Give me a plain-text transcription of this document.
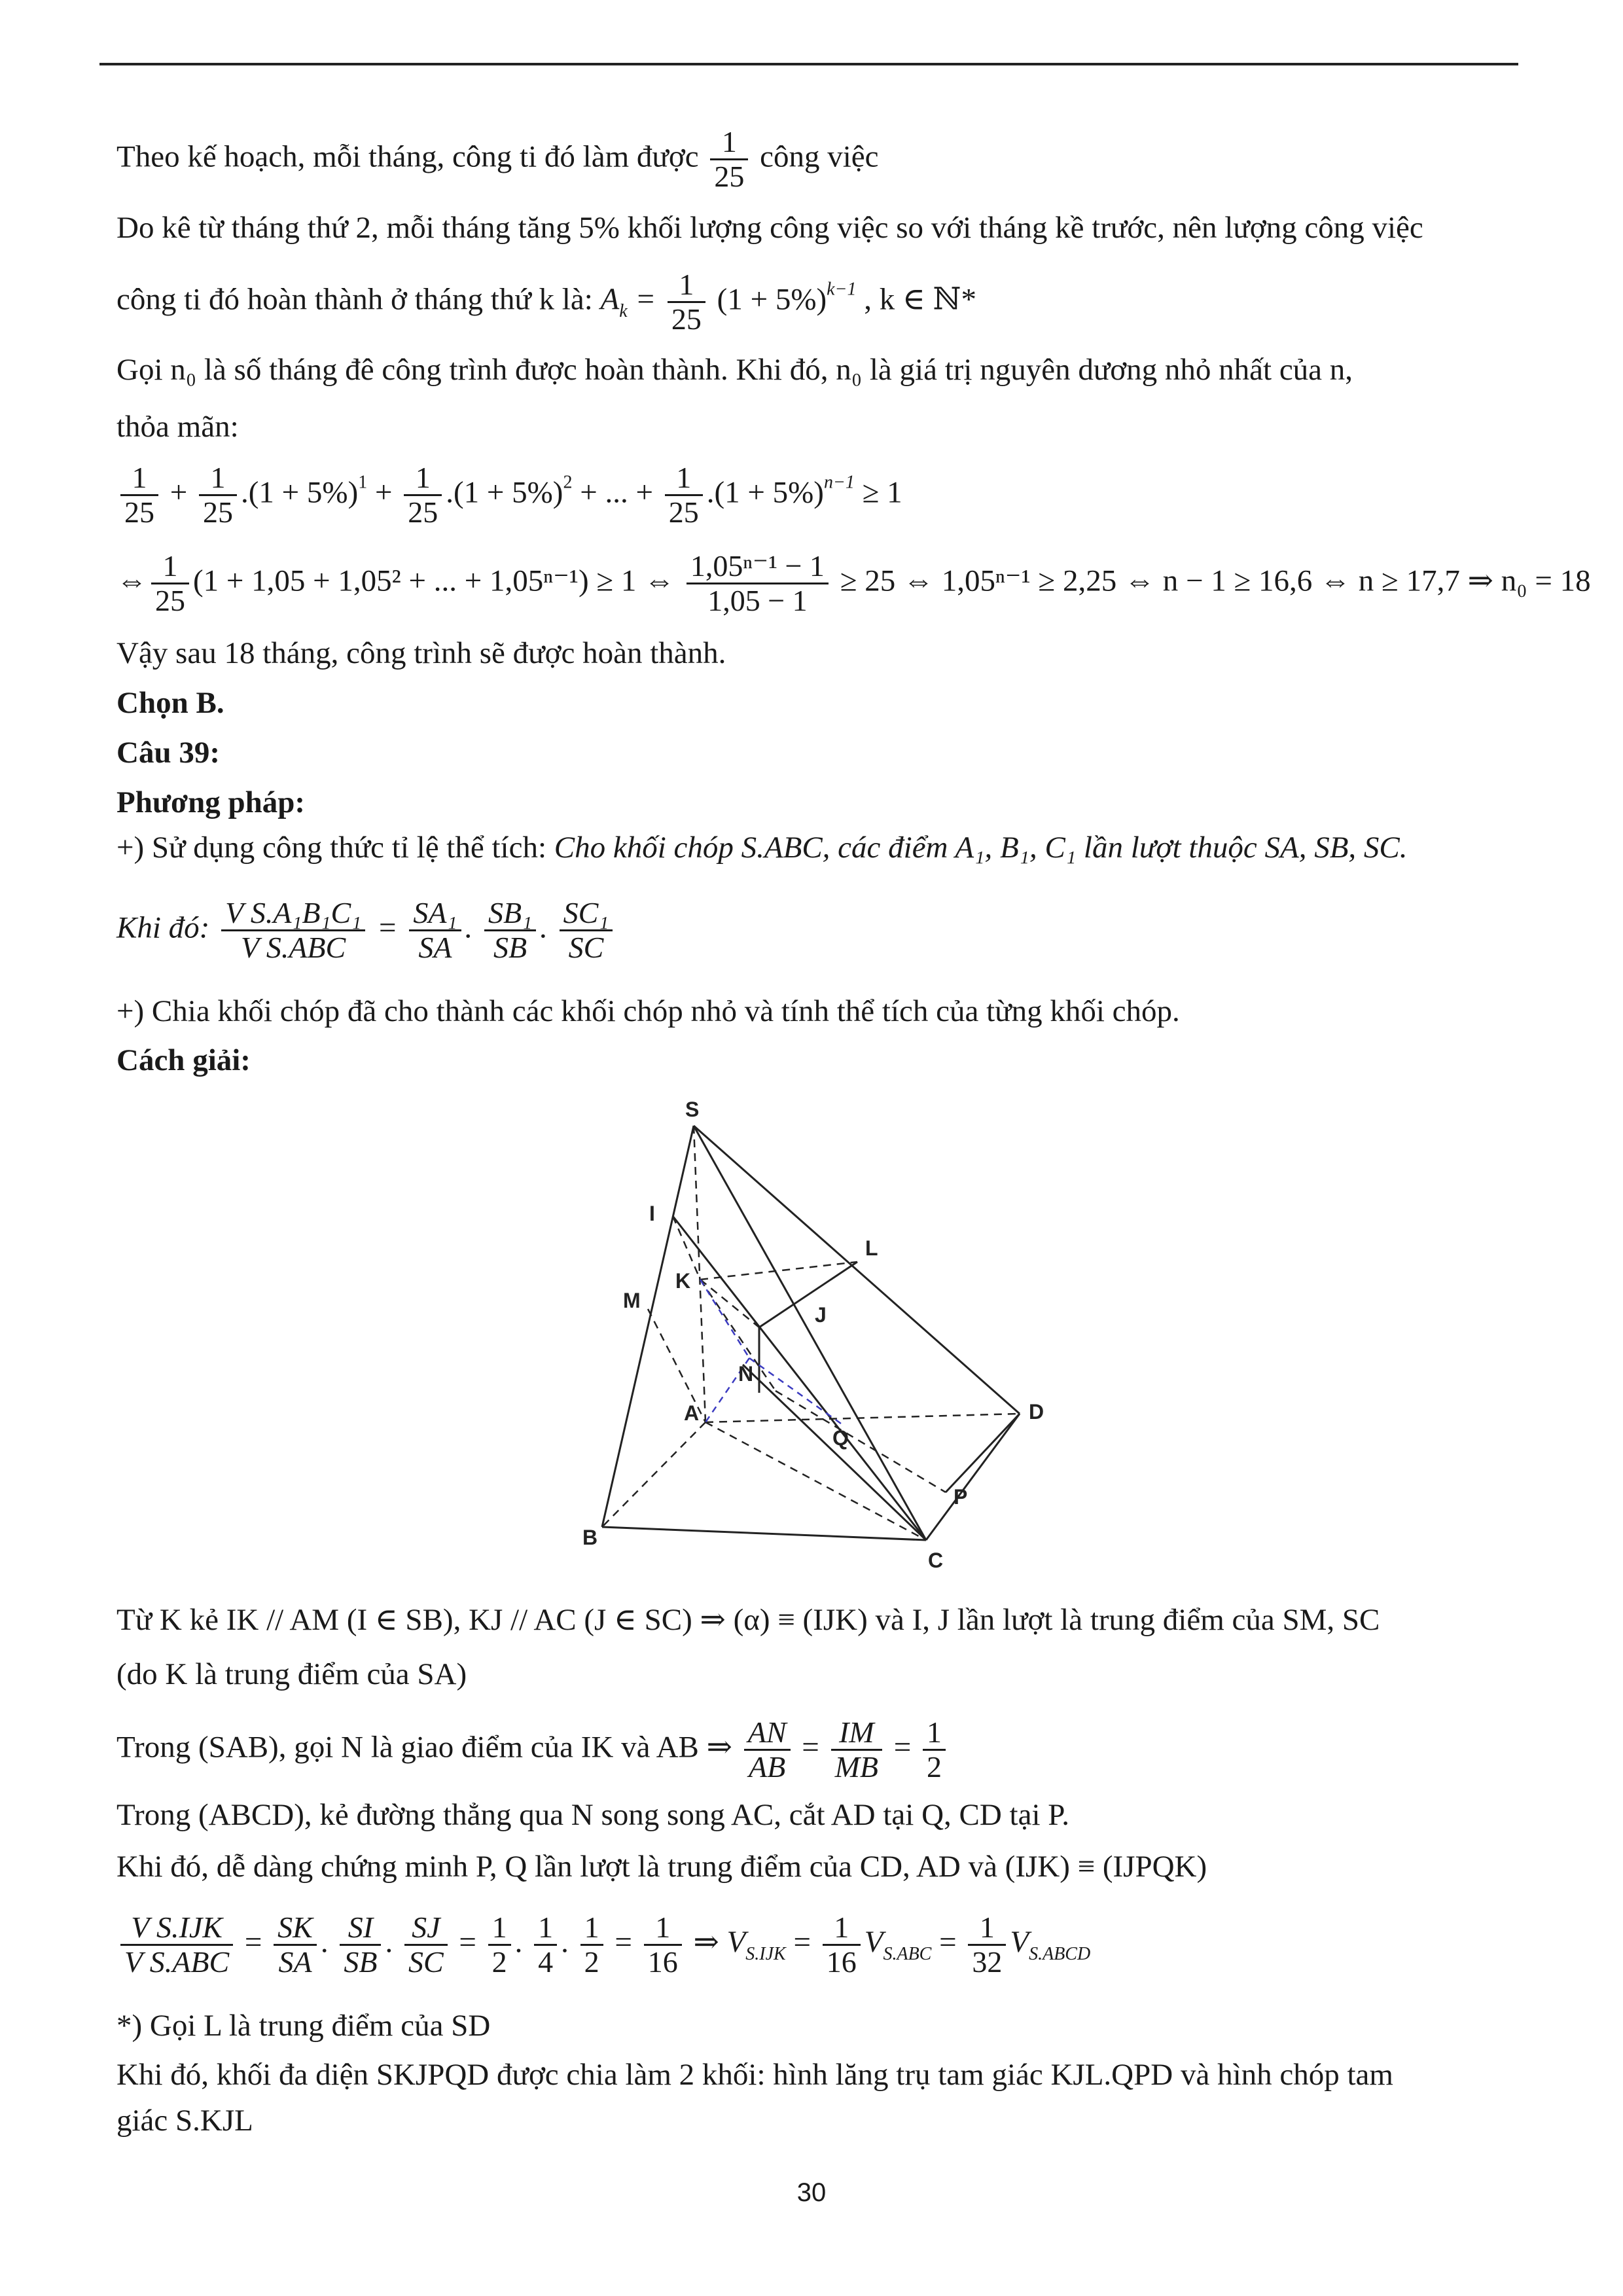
Theo kế hoạch, mỗi tháng, công ti đó làm được $\frac{1}{25}$ công việc
Do kê từ tháng thứ 2, mỗi tháng tăng 5% khối lượng công việc so với tháng kề trước, nên lượng công việc
công ti đó hoàn thành ở tháng thứ k là: $A_k = \frac{1}{25} (1 + 5\%)^{k-1}$ , k ∈ ℕ*
Gọi n₀ là số tháng đê công trình được hoàn thành. Khi đó, n₀ là giá trị nguyên dương nhỏ nhất của n,
thỏa mãn:
$\frac{1}{25} + \frac{1}{25} .(1 + 5\%)^1 + \frac{1}{25} .(1 + 5\%)^2$ + ... + $\frac{1}{25} .(1 + 5\%)^{n-1} \ge 1$
⇔ $\frac{1}{25} (1 + 1,05 + 1,05^2$ + ... + 1,05ⁿ⁻¹) ≥ 1 ⇔ $\frac{\text{1,05ⁿ⁻¹ − 1}}{1,05 - 1} \ge 25$ ⇔ 1,05ⁿ⁻¹ ≥ 2,25 ⇔ n − 1 ≥ 16,6 ⇔ n ≥ 17,7 ⇒ n₀ = 18
Vậy sau 18 tháng, công trình sẽ được hoàn thành.
Chọn B.
Câu 39:
Phương pháp:
+) Sử dụng công thức tỉ lệ thể tích: Cho khối chóp S.ABC, các điểm A₁, B₁, C₁ lần lượt thuộc SA, SB, SC.
Khi đó: $\frac{\text{V S.A₁B₁C₁}}{\text{V S.ABC}} = \frac{\text{SA₁}}{SA}$ . $\frac{\text{SB₁}}{SB}$ . $\frac{\text{SC₁}}{SC}$
+) Chia khối chóp đã cho thành các khối chóp nhỏ và tính thể tích của từng khối chóp.
Cách giải:
S
I
L
M
K
J
N
A
Q
D
P
B
C
Từ K kẻ IK // AM (I ∈ SB), KJ // AC (J ∈ SC) ⇒ (α) ≡ (IJK) và I, J lần lượt là trung điểm của SM, SC
(do K là trung điểm của SA)
Trong (SAB), gọi N là giao điểm của IK và AB ⇒ $\frac{AN}{AB} = \frac{IM}{MB} = \frac{1}{2}$
Trong (ABCD), kẻ đường thẳng qua N song song AC, cắt AD tại Q, CD tại P.
Khi đó, dễ dàng chứng minh P, Q lần lượt là trung điểm của CD, AD và (IJK) ≡ (IJPQK)
$\frac{\text{V S.IJK}}{\text{V S.ABC}} = \frac{SK}{SA}$ . $\frac{SI}{SB}$ . $\frac{SJ}{SC} = \frac{1}{2}$ . $\frac{1}{4}$ . $\frac{1}{2} = \frac{1}{16}$ ⇒ $V_{S.IJK} = \frac{1}{16} V_{S.ABC} = \frac{1}{32} V_{S.ABCD}$
*) Gọi L là trung điểm của SD
Khi đó, khối đa diện SKJPQD được chia làm 2 khối: hình lăng trụ tam giác KJL.QPD và hình chóp tam
giác S.KJL
30
